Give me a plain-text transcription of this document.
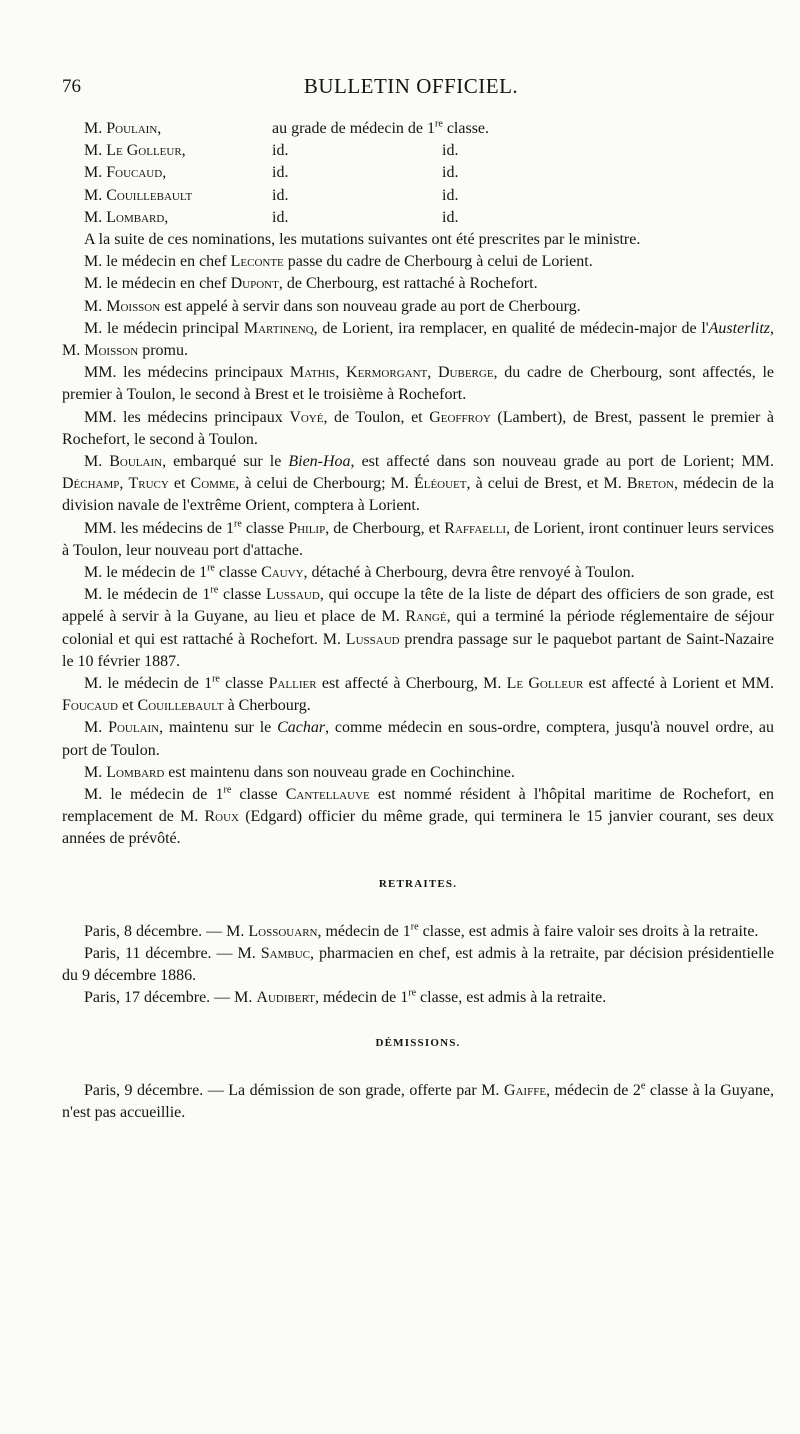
76	BULLETIN OFFICIEL.
M. Poulain,	au grade de médecin de 1re classe.
M. Le Golleur,	id.	id.
M. Foucaud,	id.	id.
M. Couillebault	id.	id.
M. Lombard,	id.	id.

A la suite de ces nominations, les mutations suivantes ont été prescrites par le ministre.

M. le médecin en chef Leconte passe du cadre de Cherbourg à celui de Lorient.

M. le médecin en chef Dupont, de Cherbourg, est rattaché à Rochefort.

M. Moisson est appelé à servir dans son nouveau grade au port de Cherbourg.

M. le médecin principal Martinenq, de Lorient, ira remplacer, en qualité de médecin-major de l'Austerlitz, M. Moisson promu.

MM. les médecins principaux Mathis, Kermorgant, Duberge, du cadre de Cherbourg, sont affectés, le premier à Toulon, le second à Brest et le troisième à Rochefort.

MM. les médecins principaux Voyé, de Toulon, et Geoffroy (Lambert), de Brest, passent le premier à Rochefort, le second à Toulon.

M. Boulain, embarqué sur le Bien-Hoa, est affecté dans son nouveau grade au port de Lorient; MM. Déchamp, Trucy et Comme, à celui de Cherbourg; M. Éléouet, à celui de Brest, et M. Breton, médecin de la division navale de l'extrême Orient, comptera à Lorient.

MM. les médecins de 1re classe Philip, de Cherbourg, et Raffaelli, de Lorient, iront continuer leurs services à Toulon, leur nouveau port d'attache.

M. le médecin de 1re classe Cauvy, détaché à Cherbourg, devra être renvoyé à Toulon.

M. le médecin de 1re classe Lussaud, qui occupe la tête de la liste de départ des officiers de son grade, est appelé à servir à la Guyane, au lieu et place de M. Rangé, qui a terminé la période réglementaire de séjour colonial et qui est rattaché à Rochefort. M. Lussaud prendra passage sur le paquebot partant de Saint-Nazaire le 10 février 1887.

M. le médecin de 1re classe Pallier est affecté à Cherbourg, M. Le Golleur est affecté à Lorient et MM. Foucaud et Couillebault à Cherbourg.

M. Poulain, maintenu sur le Cachar, comme médecin en sous-ordre, comptera, jusqu'à nouvel ordre, au port de Toulon.

M. Lombard est maintenu dans son nouveau grade en Cochinchine.

M. le médecin de 1re classe Cantellauve est nommé résident à l'hôpital maritime de Rochefort, en remplacement de M. Roux (Edgard) officier du même grade, qui terminera le 15 janvier courant, ses deux années de prévôté.

RETRAITES.

Paris, 8 décembre. — M. Lossouarn, médecin de 1re classe, est admis à faire valoir ses droits à la retraite.

Paris, 11 décembre. — M. Sambuc, pharmacien en chef, est admis à la retraite, par décision présidentielle du 9 décembre 1886.

Paris, 17 décembre. — M. Audibert, médecin de 1re classe, est admis à la retraite.

DÉMISSIONS.

Paris, 9 décembre. — La démission de son grade, offerte par M. Gaiffe, médecin de 2e classe à la Guyane, n'est pas accueillie.
